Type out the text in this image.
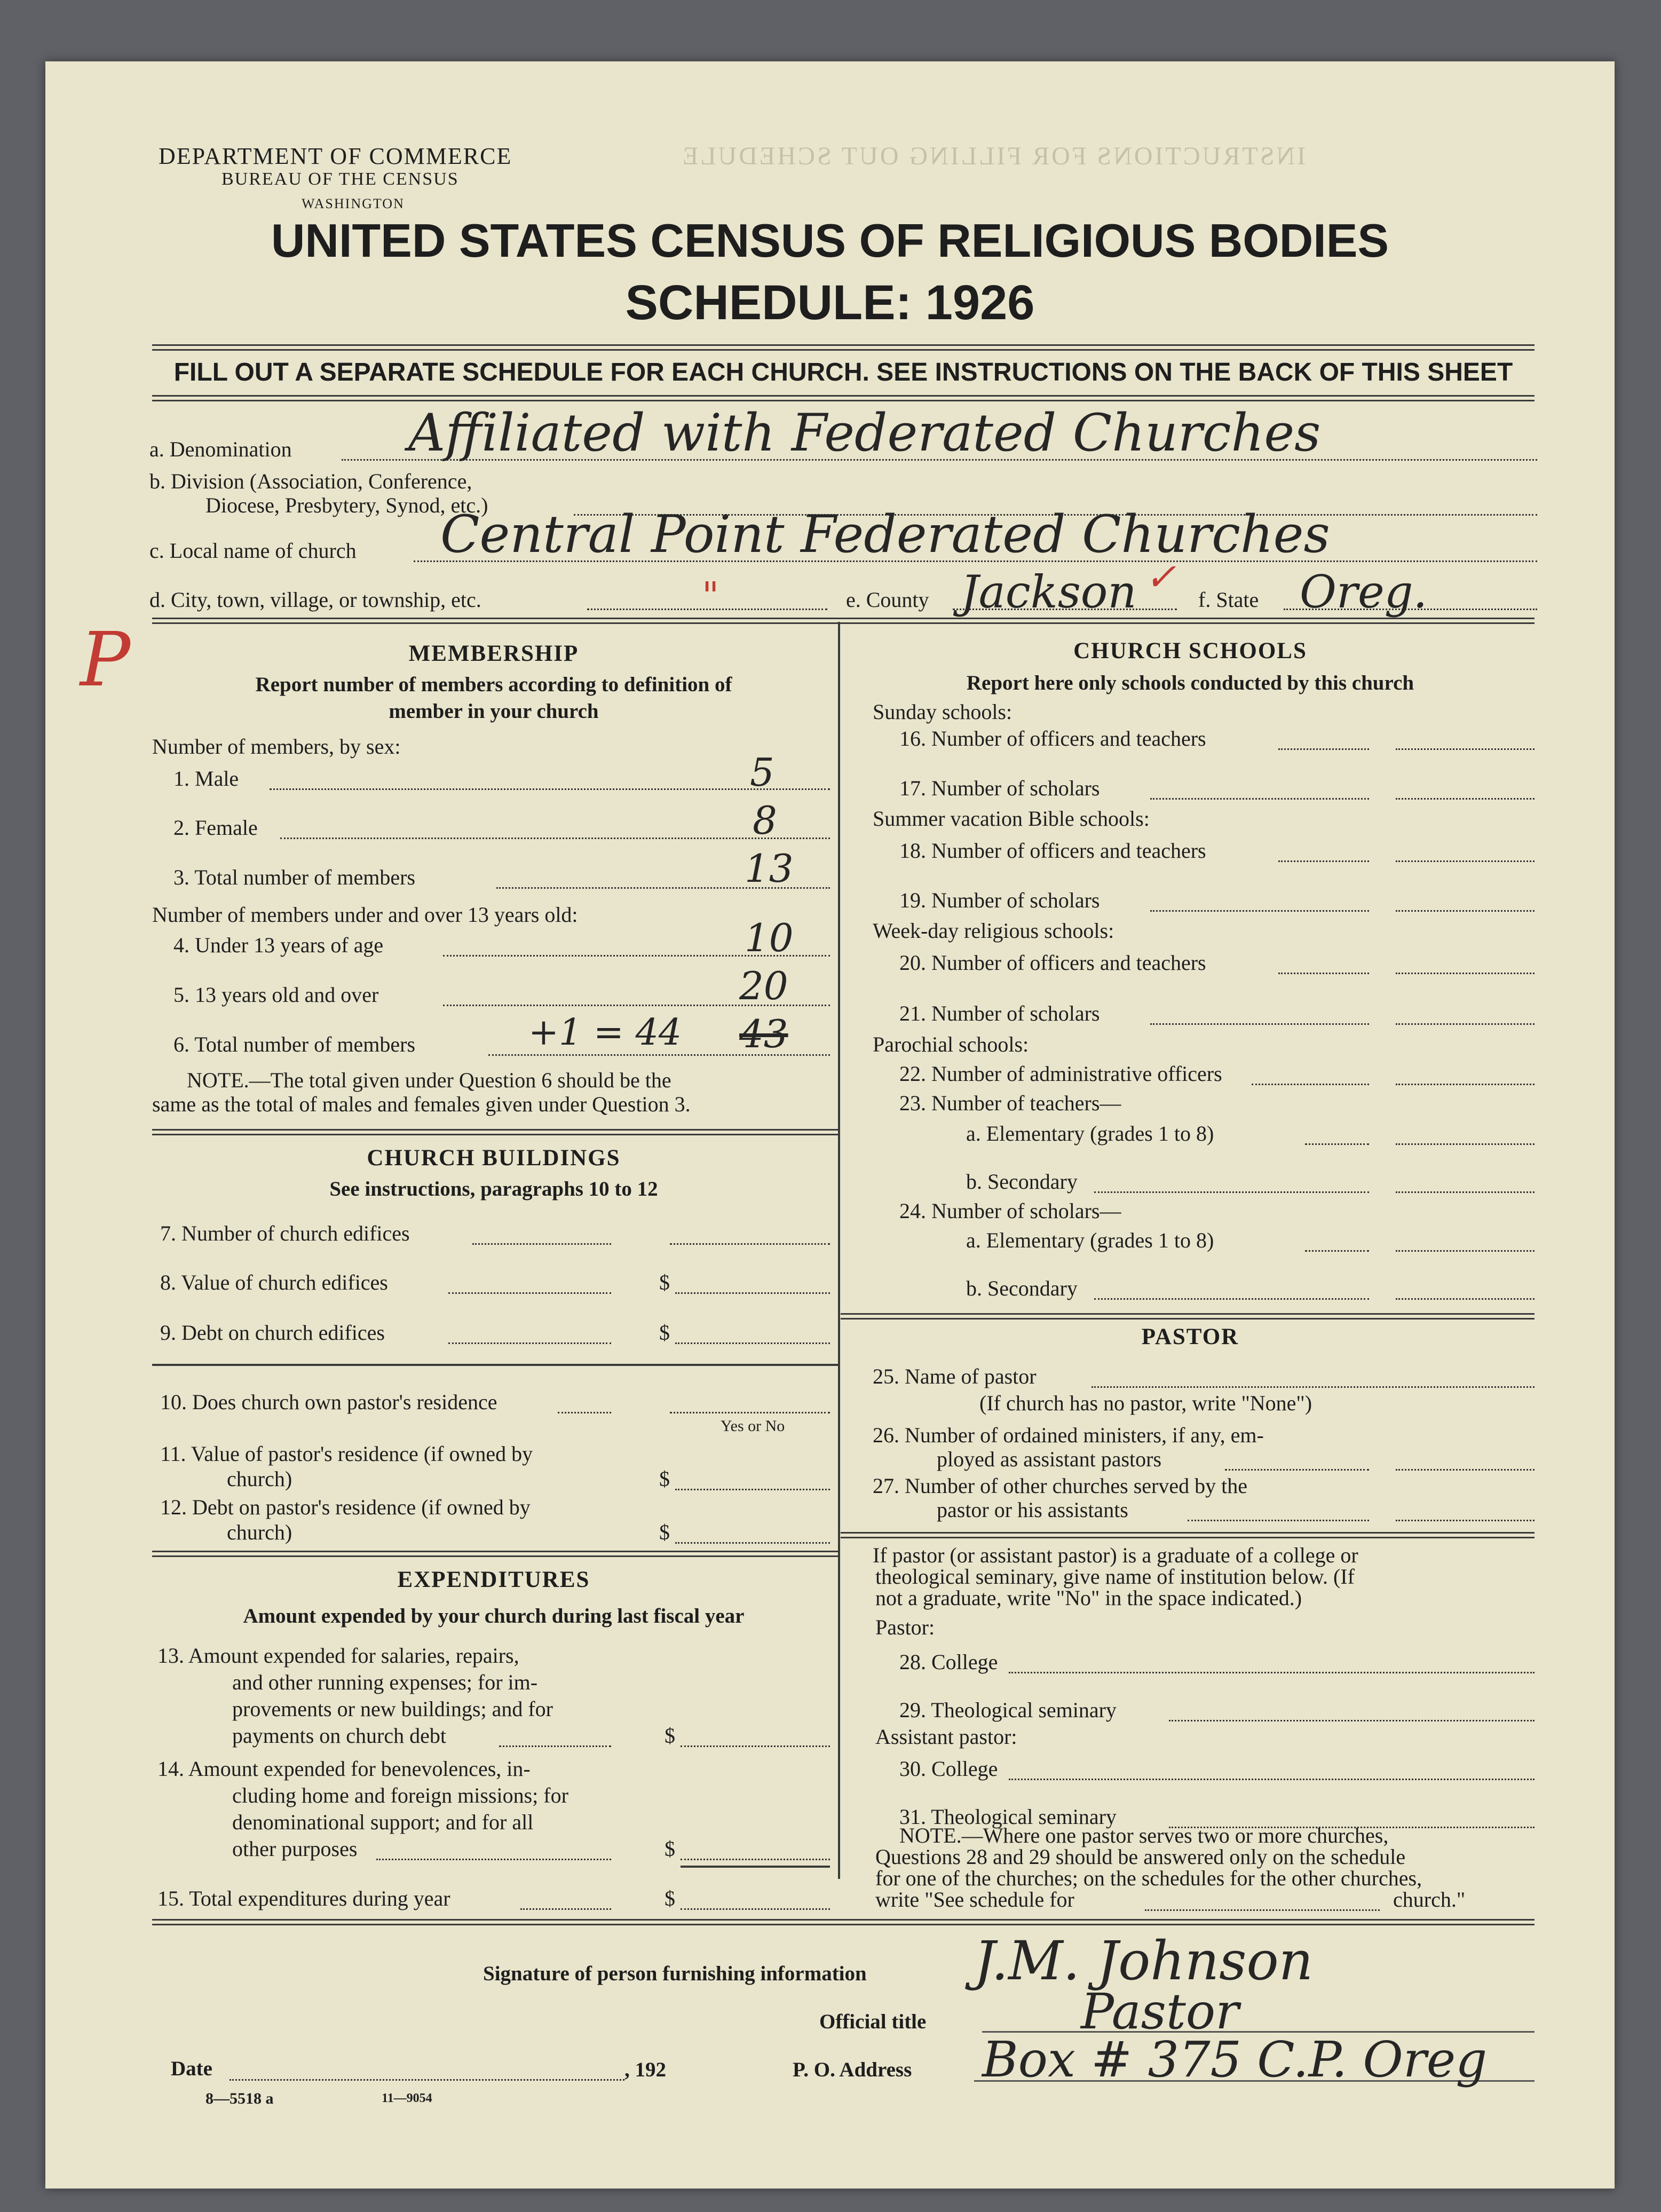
INSTRUCTIONS FOR FILLING OUT SCHEDULE
DEPARTMENT OF COMMERCE
BUREAU OF THE CENSUS
WASHINGTON
UNITED STATES CENSUS OF RELIGIOUS BODIES
SCHEDULE: 1926
FILL OUT A SEPARATE SCHEDULE FOR EACH CHURCH. SEE INSTRUCTIONS ON THE BACK OF THIS SHEET
P
a. Denomination Affiliated with Federated Churches
b. Division (Association, Conference,
Diocese, Presbytery, Synod, etc.)
c. Local name of church Central Point Federated Churches
d. City, town, village, or township, etc.	"	e. County Jackson ✓
f. State Oreg.
MEMBERSHIP
Report number of members according to definition of
member in your church
Number of members, by sex:
1. Male	5
2. Female	8
3. Total number of members	13
Number of members under and over 13 years old:
4. Under 13 years of age	10
5. 13 years old and over	20
6. Total number of members	+1 = 44 43
NOTE.—The total given under Question 6 should be the
same as the total of males and females given under Question 3.
CHURCH BUILDINGS
See instructions, paragraphs 10 to 12
7. Number of church edifices
8. Value of church edifices	$
9. Debt on church edifices	$
10. Does church own pastor's residence
Yes or No
11. Value of pastor's residence (if owned by
church)	$
12. Debt on pastor's residence (if owned by
church)	$
EXPENDITURES
Amount expended by your church during last fiscal year
13. Amount expended for salaries, repairs,
and other running expenses; for im-
provements or new buildings; and for
payments on church debt	$
14. Amount expended for benevolences, in-
cluding home and foreign missions; for
denominational support; and for all
other purposes	$
15. Total expenditures during year	$
CHURCH SCHOOLS
Report here only schools conducted by this church
Sunday schools:
16. Number of officers and teachers
17. Number of scholars
Summer vacation Bible schools:
18. Number of officers and teachers
19. Number of scholars
Week-day religious schools:
20. Number of officers and teachers
21. Number of scholars
Parochial schools:
22. Number of administrative officers
23. Number of teachers—
a. Elementary (grades 1 to 8)
b. Secondary
24. Number of scholars—
a. Elementary (grades 1 to 8)
b. Secondary
PASTOR
25. Name of pastor
(If church has no pastor, write "None")
26. Number of ordained ministers, if any, em-
ployed as assistant pastors
27. Number of other churches served by the
pastor or his assistants
If pastor (or assistant pastor) is a graduate of a college or
theological seminary, give name of institution below. (If
not a graduate, write "No" in the space indicated.)
Pastor:
28. College
29. Theological seminary
Assistant pastor:
30. College
31. Theological seminary
NOTE.—Where one pastor serves two or more churches,
Questions 28 and 29 should be answered only on the schedule
for one of the churches; on the schedules for the other churches,
write "See schedule for	church."
Signature of person furnishing information J.M. Johnson
Official title	Pastor
Date	, 192	P. O. Address Box # 375 C.P. Oreg
8—5518 a	11—9054
